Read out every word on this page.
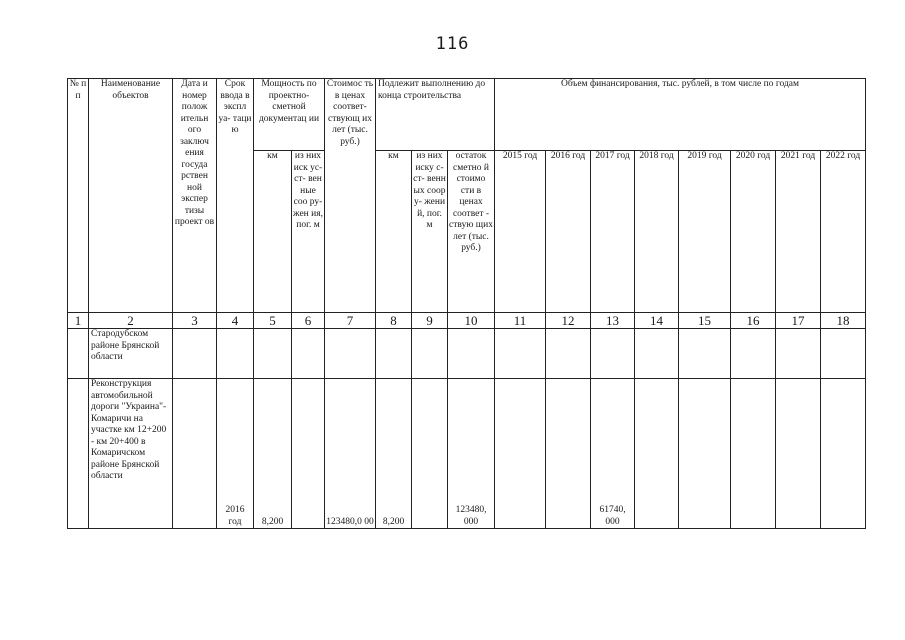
116
№ п п	Наименование объектов	Дата и номер полож ительн ого заключ ения госуда рствен ной экспер тизы проект ов	Срок ввода в экспл уа- таци ю	Мощность по проектно- сметной документац ии		Стоимос ть в ценах соответ- ствующ их лет (тыс. руб.)	Подлежит выполнению до конца строительства			Объем финансирования, тыс. рублей, в том числе по годам							
				км	из них иск ус- ст- вен ные соо ру- жен ия, пог. м		км	из них иску с-ст- венн ых соор у- жени й, пог. м	остаток сметно й стоимо сти в ценах соответ - ствую щих лет (тыс. руб.)	2015 год	2016 год	2017 год	2018 год	2019 год	2020 год	2021 год	2022 год
1	2	3	4	5	6	7	8	9	10	11	12	13	14	15	16	17	18
	Стародубском районе Брянской области																
	Реконструкция автомобильной дороги "Украина"- Комаричи на участке км 12+200 - км 20+400 в Комаричском районе Брянской области		2016 год	8,200		123480,0 00	8,200		123480, 000			61740, 000					
